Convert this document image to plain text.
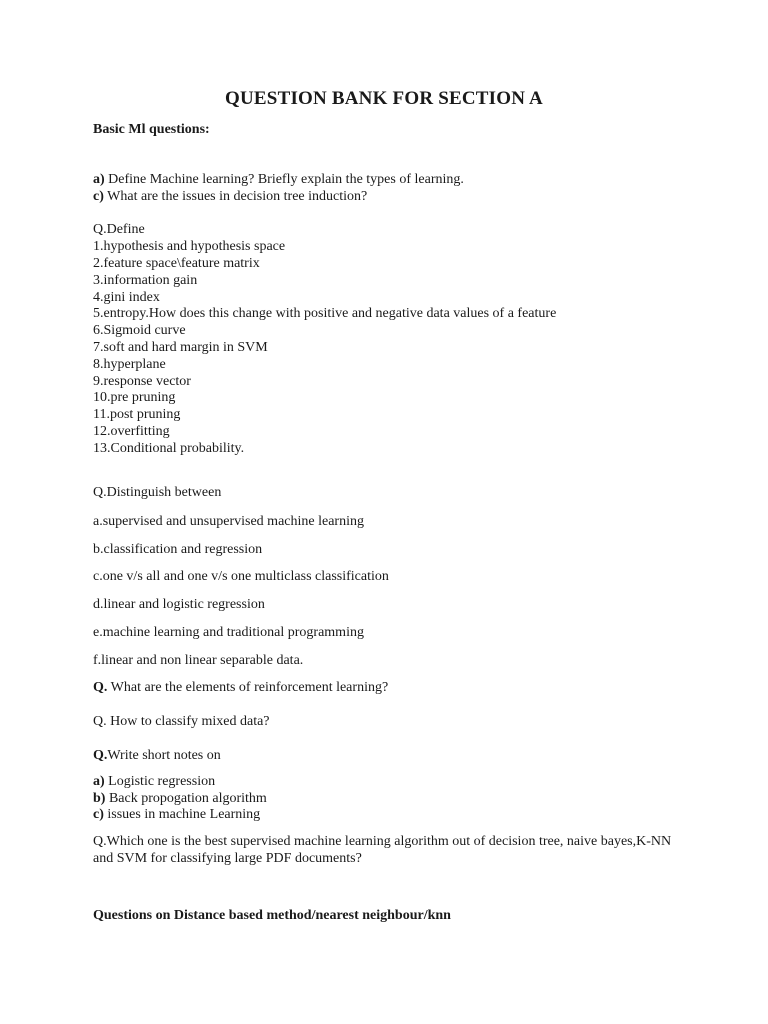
QUESTION BANK FOR SECTION A
Basic Ml questions:
a) Define Machine learning? Briefly explain the types of learning.
c) What are the issues in decision tree induction?
Q.Define
1.hypothesis and hypothesis space
2.feature space\feature matrix
3.information gain
4.gini index
5.entropy.How does this change with positive and negative data values of a feature
6.Sigmoid curve
7.soft and hard margin in SVM
8.hyperplane
9.response vector
10.pre pruning
11.post pruning
12.overfitting
13.Conditional probability.
Q.Distinguish between
a.supervised and unsupervised machine learning
b.classification and regression
c.one v/s all and one v/s one multiclass classification
d.linear and logistic regression
e.machine learning and traditional programming
f.linear and non linear separable data.
Q. What are the elements of reinforcement learning?
Q. How to classify mixed data?
Q.Write short notes on
a) Logistic regression
b) Back propogation algorithm
c) issues in machine Learning
Q.Which one is the best supervised machine learning algorithm out of decision tree, naive bayes,K-NN and SVM for classifying large PDF documents?
Questions on Distance based method/nearest neighbour/knn
